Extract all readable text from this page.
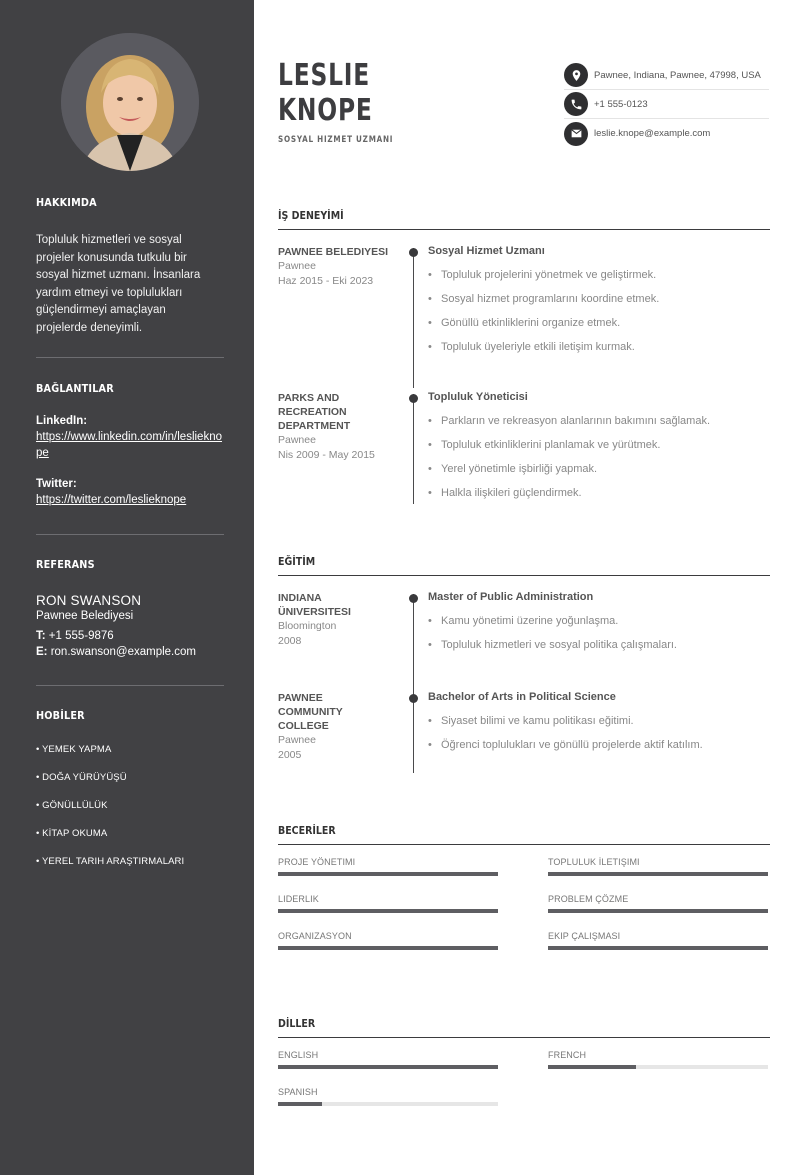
HAKKIMDA
Topluluk hizmetleri ve sosyal projeler konusunda tutkulu bir sosyal hizmet uzmanı. İnsanlara yardım etmeyi ve toplulukları güçlendirmeyi amaçlayan projelerde deneyimli.
BAĞLANTILAR
LinkedIn:
https://www.linkedin.com/in/leslieknope
Twitter:
https://twitter.com/leslieknope
REFERANS
RON SWANSON
Pawnee Belediyesi
T: +1 555-9876
E: ron.swanson@example.com
HOBİLER
• YEMEK YAPMA
• DOĞA YÜRÜYÜŞÜ
• GÖNÜLLÜLÜK
• KİTAP OKUMA
• YEREL TARIH ARAŞTIRMALARI
LESLIE
KNOPE
SOSYAL HIZMET UZMANI
Pawnee, Indiana, Pawnee, 47998, USA
+1 555-0123
leslie.knope@example.com
İŞ DENEYİMİ
PAWNEE BELEDIYESI
Pawnee
Haz 2015 - Eki 2023
Sosyal Hizmet Uzmanı
• Topluluk projelerini yönetmek ve geliştirmek.
• Sosyal hizmet programlarını koordine etmek.
• Gönüllü etkinliklerini organize etmek.
• Topluluk üyeleriyle etkili iletişim kurmak.
PARKS AND RECREATION DEPARTMENT
Pawnee
Nis 2009 - May 2015
Topluluk Yöneticisi
• Parkların ve rekreasyon alanlarının bakımını sağlamak.
• Topluluk etkinliklerini planlamak ve yürütmek.
• Yerel yönetimle işbirliği yapmak.
• Halkla ilişkileri güçlendirmek.
EĞİTİM
INDIANA ÜNIVERSITESI
Bloomington
2008
Master of Public Administration
• Kamu yönetimi üzerine yoğunlaşma.
• Topluluk hizmetleri ve sosyal politika çalışmaları.
PAWNEE COMMUNITY COLLEGE
Pawnee
2005
Bachelor of Arts in Political Science
• Siyaset bilimi ve kamu politikası eğitimi.
• Öğrenci toplulukları ve gönüllü projelerde aktif katılım.
BECERİLER
PROJE YÖNETIMI	TOPLULUK İLETIŞIMI
LIDERLIK	PROBLEM ÇÖZME
ORGANIZASYON	EKIP ÇALIŞMASI
DİLLER
ENGLISH	FRENCH
SPANISH
